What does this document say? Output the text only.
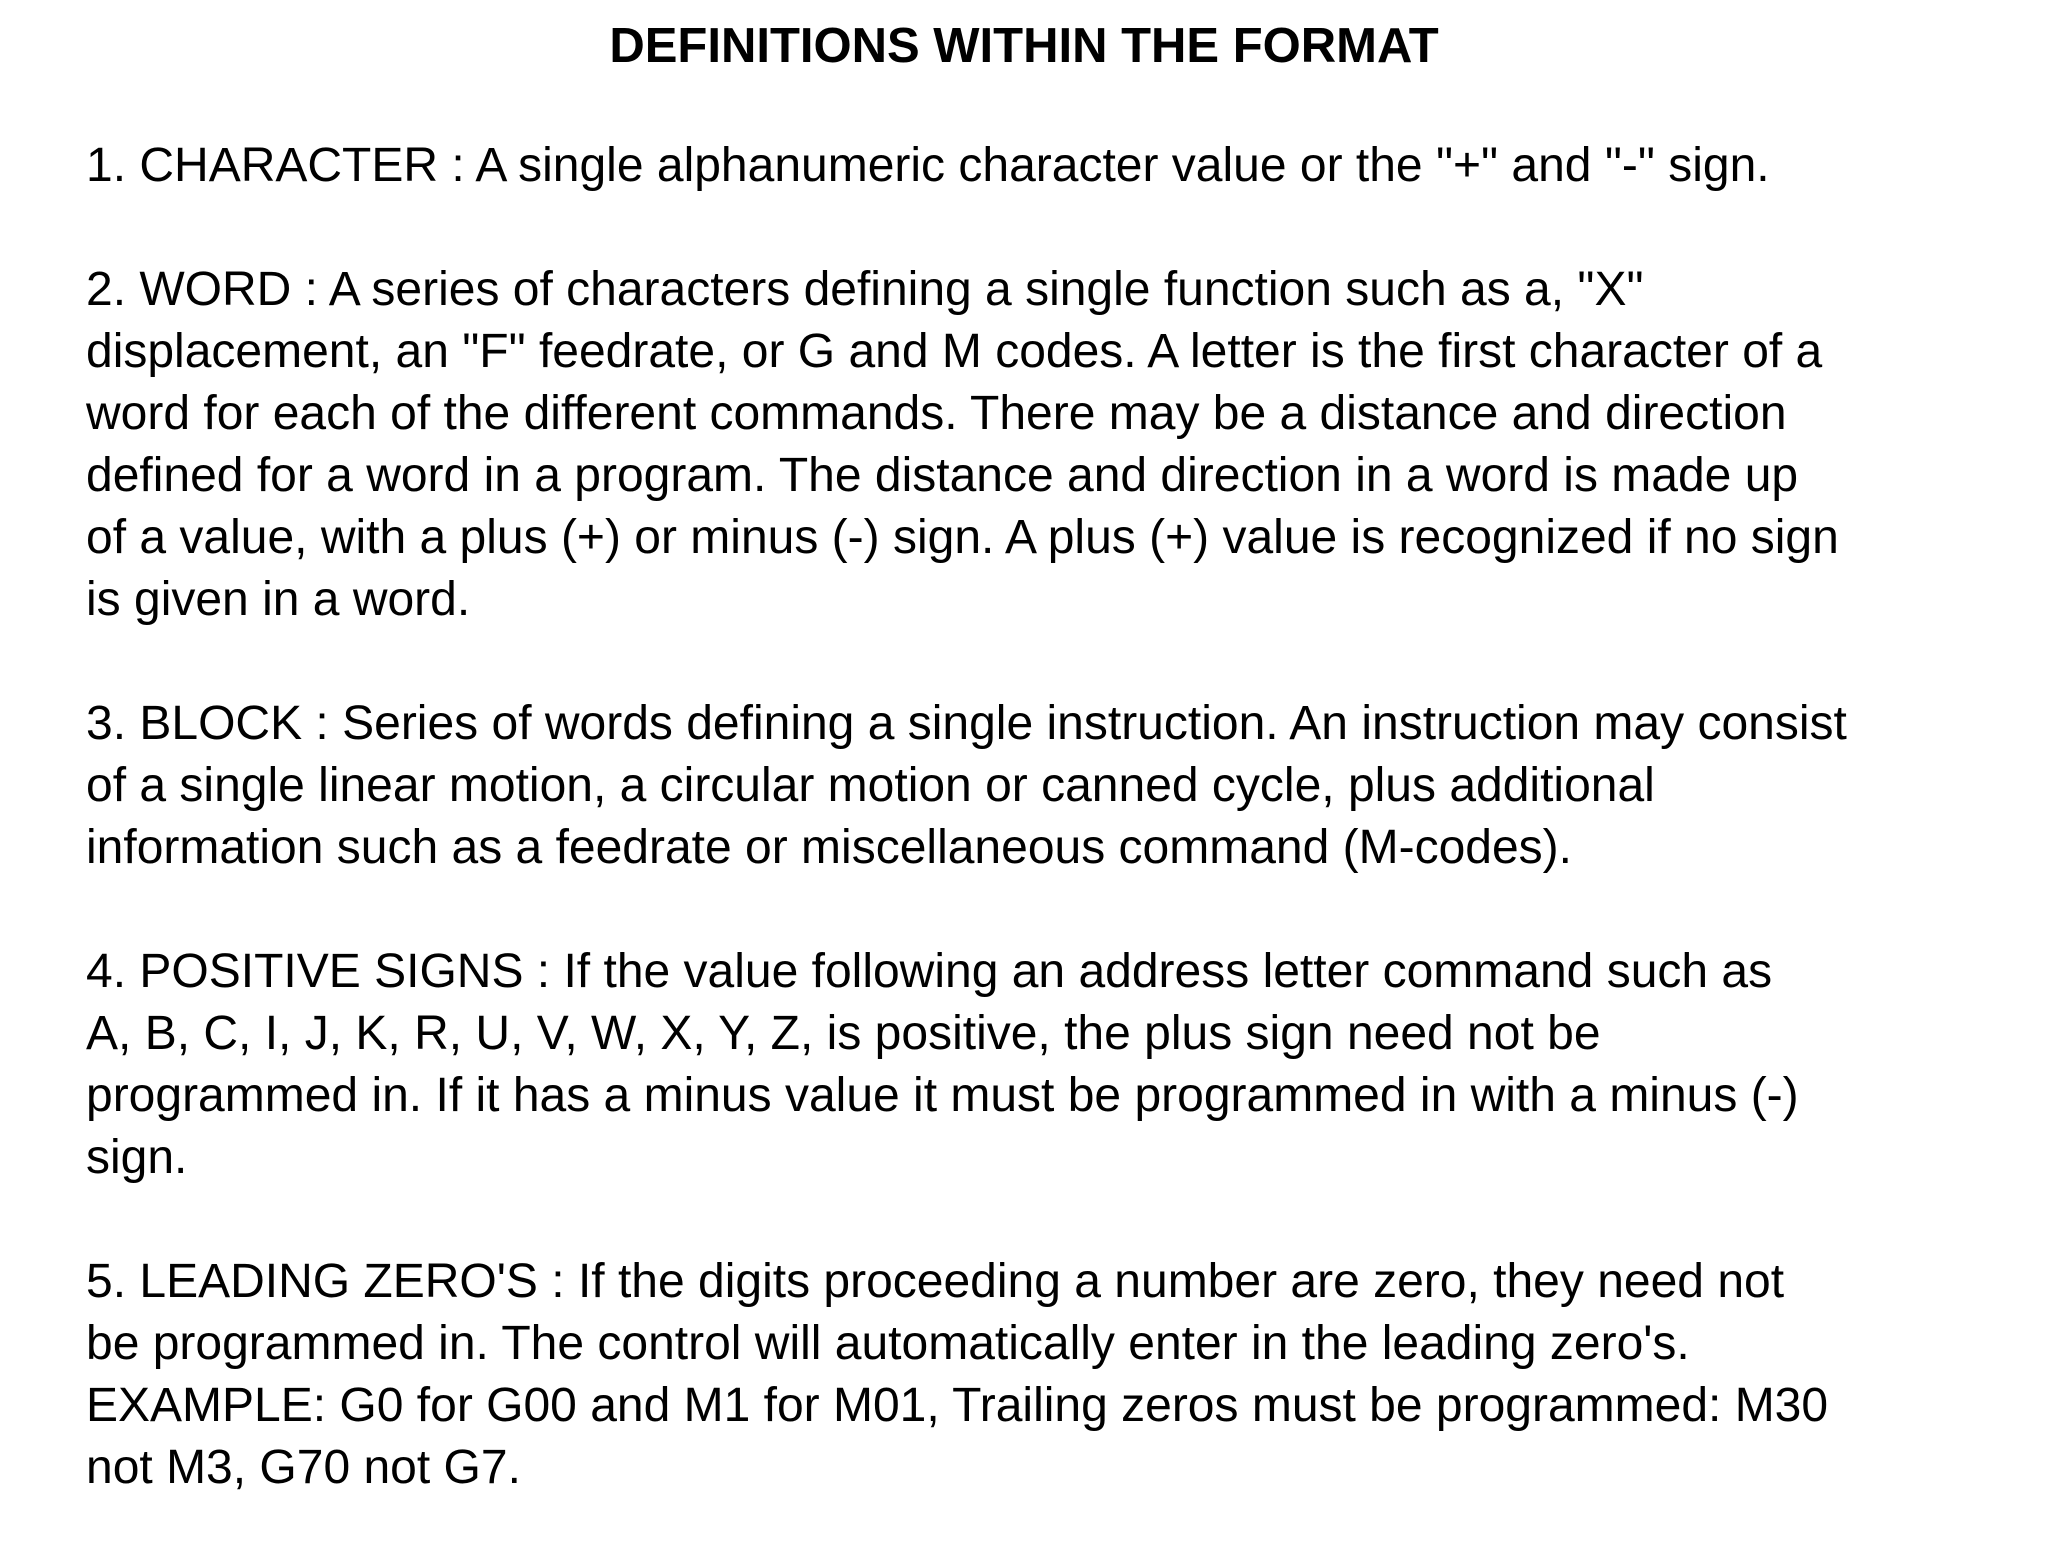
DEFINITIONS WITHIN THE FORMAT
1. CHARACTER : A single alphanumeric character value or the "+" and "-" sign.
2. WORD : A series of characters defining a single function such as a, "X"
displacement, an "F" feedrate, or G and M codes. A letter is the first character of a
word for each of the different commands. There may be a distance and direction
defined for a word in a program. The distance and direction in a word is made up
of a value, with a plus (+) or minus (-) sign. A plus (+) value is recognized if no sign
is given in a word.
3. BLOCK : Series of words defining a single instruction. An instruction may consist
of a single linear motion, a circular motion or canned cycle, plus additional
information such as a feedrate or miscellaneous command (M-codes).
4. POSITIVE SIGNS : If the value following an address letter command such as
A, B, C, I, J, K, R, U, V, W, X, Y, Z, is positive, the plus sign need not be
programmed in. If it has a minus value it must be programmed in with a minus (-)
sign.
5. LEADING ZERO'S : If the digits proceeding a number are zero, they need not
be programmed in. The control will automatically enter in the leading zero's.
EXAMPLE: G0 for G00 and M1 for M01, Trailing zeros must be programmed: M30
not M3, G70 not G7.
